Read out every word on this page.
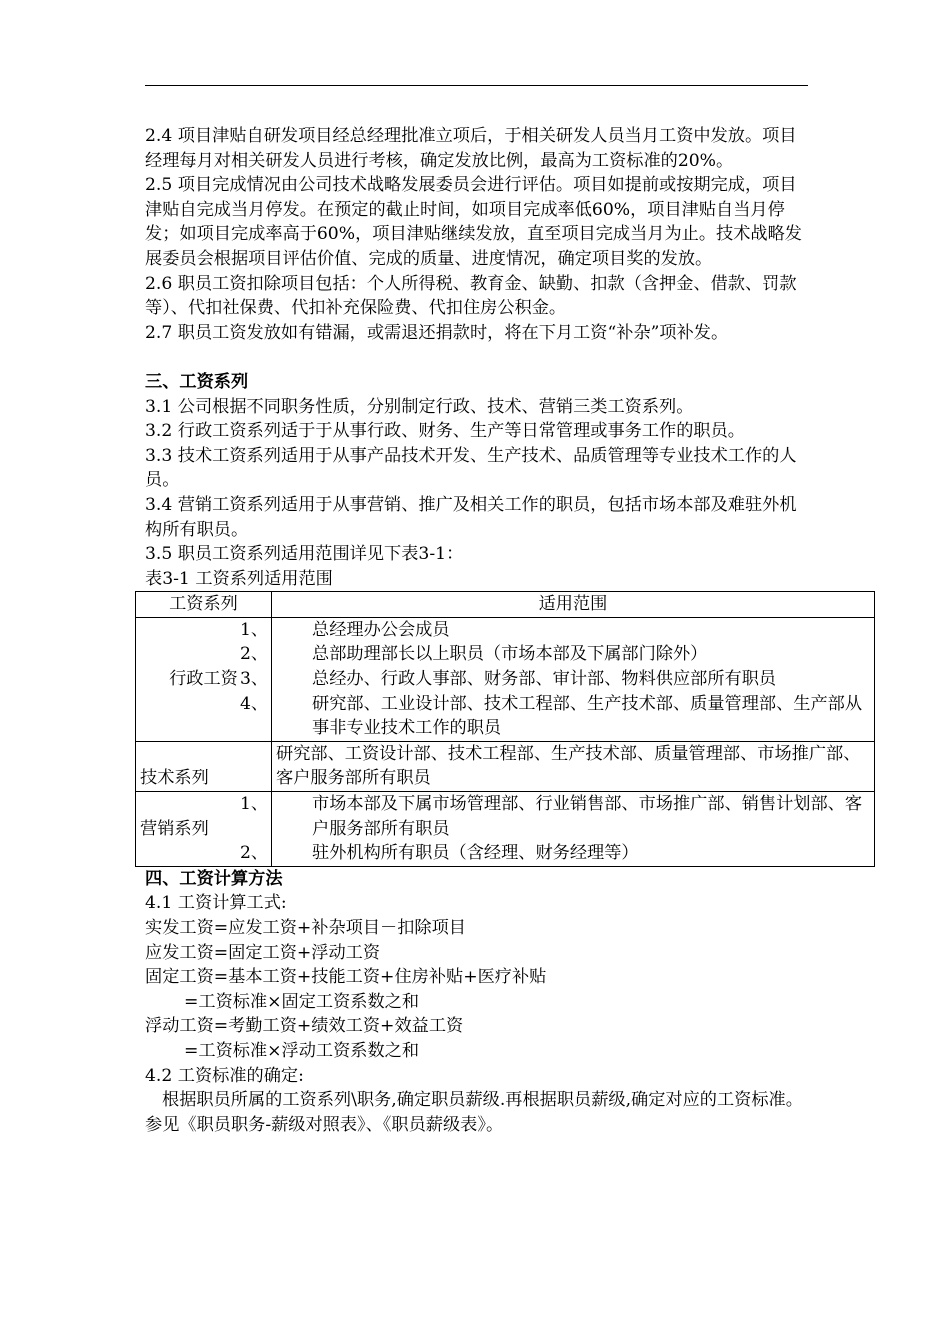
2.4 项目津贴自研发项目经总经理批准立项后，于相关研发人员当月工资中发放。项目经理每月对相关研发人员进行考核，确定发放比例，最高为工资标准的20%。

2.5 项目完成情况由公司技术战略发展委员会进行评估。项目如提前或按期完成，项目津贴自完成当月停发。在预定的截止时间，如项目完成率低60%，项目津贴自当月停发；如项目完成率高于60%，项目津贴继续发放，直至项目完成当月为止。技术战略发展委员会根据项目评估价值、完成的质量、进度情况，确定项目奖的发放。

2.6 职员工资扣除项目包括：个人所得税、教育金、缺勤、扣款（含押金、借款、罚款等）、代扣社保费、代扣补充保险费、代扣住房公积金。

2.7 职员工资发放如有错漏，或需退还捐款时，将在下月工资“补杂”项补发。

三、工资系列

3.1 公司根据不同职务性质，分别制定行政、技术、营销三类工资系列。

3.2 行政工资系列适于于从事行政、财务、生产等日常管理或事务工作的职员。

3.3 技术工资系列适用于从事产品技术开发、生产技术、品质管理等专业技术工作的人员。

3.4 营销工资系列适用于从事营销、推广及相关工作的职员，包括市场本部及难驻外机构所有职员。

3.5 职员工资系列适用范围详见下表3-1：

表3-1 工资系列适用范围

工资系列	适用范围
行政工资	1、 总经理办公会成员
2、 总部助理部长以上职员（市场本部及下属部门除外）
3、 总经办、行政人事部、财务部、审计部、物料供应部所有职员
4、 研究部、工业设计部、技术工程部、生产技术部、质量管理部、生产部从事非专业技术工作的职员

技术系列	研究部、工资设计部、技术工程部、生产技术部、质量管理部、市场推广部、客户服务部所有职员
营销系列	1、 市场本部及下属市场管理部、行业销售部、市场推广部、销售计划部、客户服务部所有职员
2、 驻外机构所有职员（含经理、财务经理等）

四、工资计算方法

4.1 工资计算工式:

实发工资=应发工资+补杂项目－扣除项目

应发工资=固定工资+浮动工资

固定工资=基本工资+技能工资+住房补贴+医疗补贴

=工资标准×固定工资系数之和

浮动工资=考勤工资+绩效工资+效益工资

=工资标准×浮动工资系数之和

4.2 工资标准的确定:

根据职员所属的工资系列\职务,确定职员薪级.再根据职员薪级,确定对应的工资标准。参见《职员职务-薪级对照表》、《职员薪级表》。
